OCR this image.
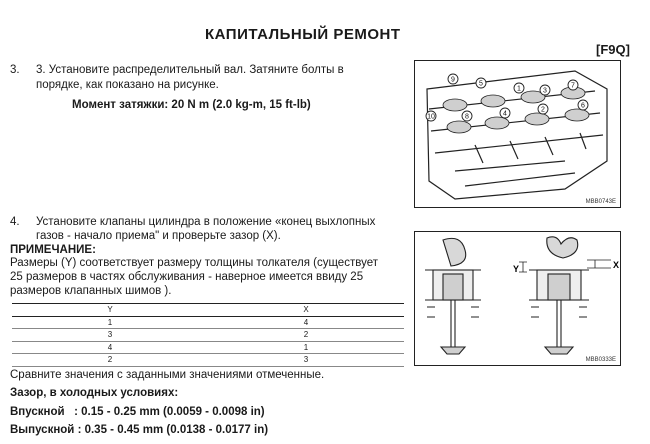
КАПИТАЛЬНЫЙ РЕМОНТ
[F9Q]
3.	3. Установите распределительный вал. Затяните болты в
порядке, как показано на рисунке.
Момент затяжки: 20 N m (2.0 kg-m, 15 ft-lb)
9
5
1	3
7
10	8	4
2
6
MBB0743E
4.	Установите клапаны цилиндра в положение «конец выхлопных
газов - начало приема" и проверьте зазор (X).
ПРИМЕЧАНИЕ:
Размеры (Y) соответствует размеру толщины толкателя (существует
25 размеров в частях обслуживания - наверное имеется ввиду 25
размеров клапанных шимов ).
Y	X
MBB0333E
Y	X
1	4
3	2
4	1
2	3
Сравните значения с заданными значениями отмеченные.
Зазор, в холодных условиях:
Впускной   : 0.15 - 0.25 mm (0.0059 - 0.0098 in)
Выпускной : 0.35 - 0.45 mm (0.0138 - 0.0177 in)
